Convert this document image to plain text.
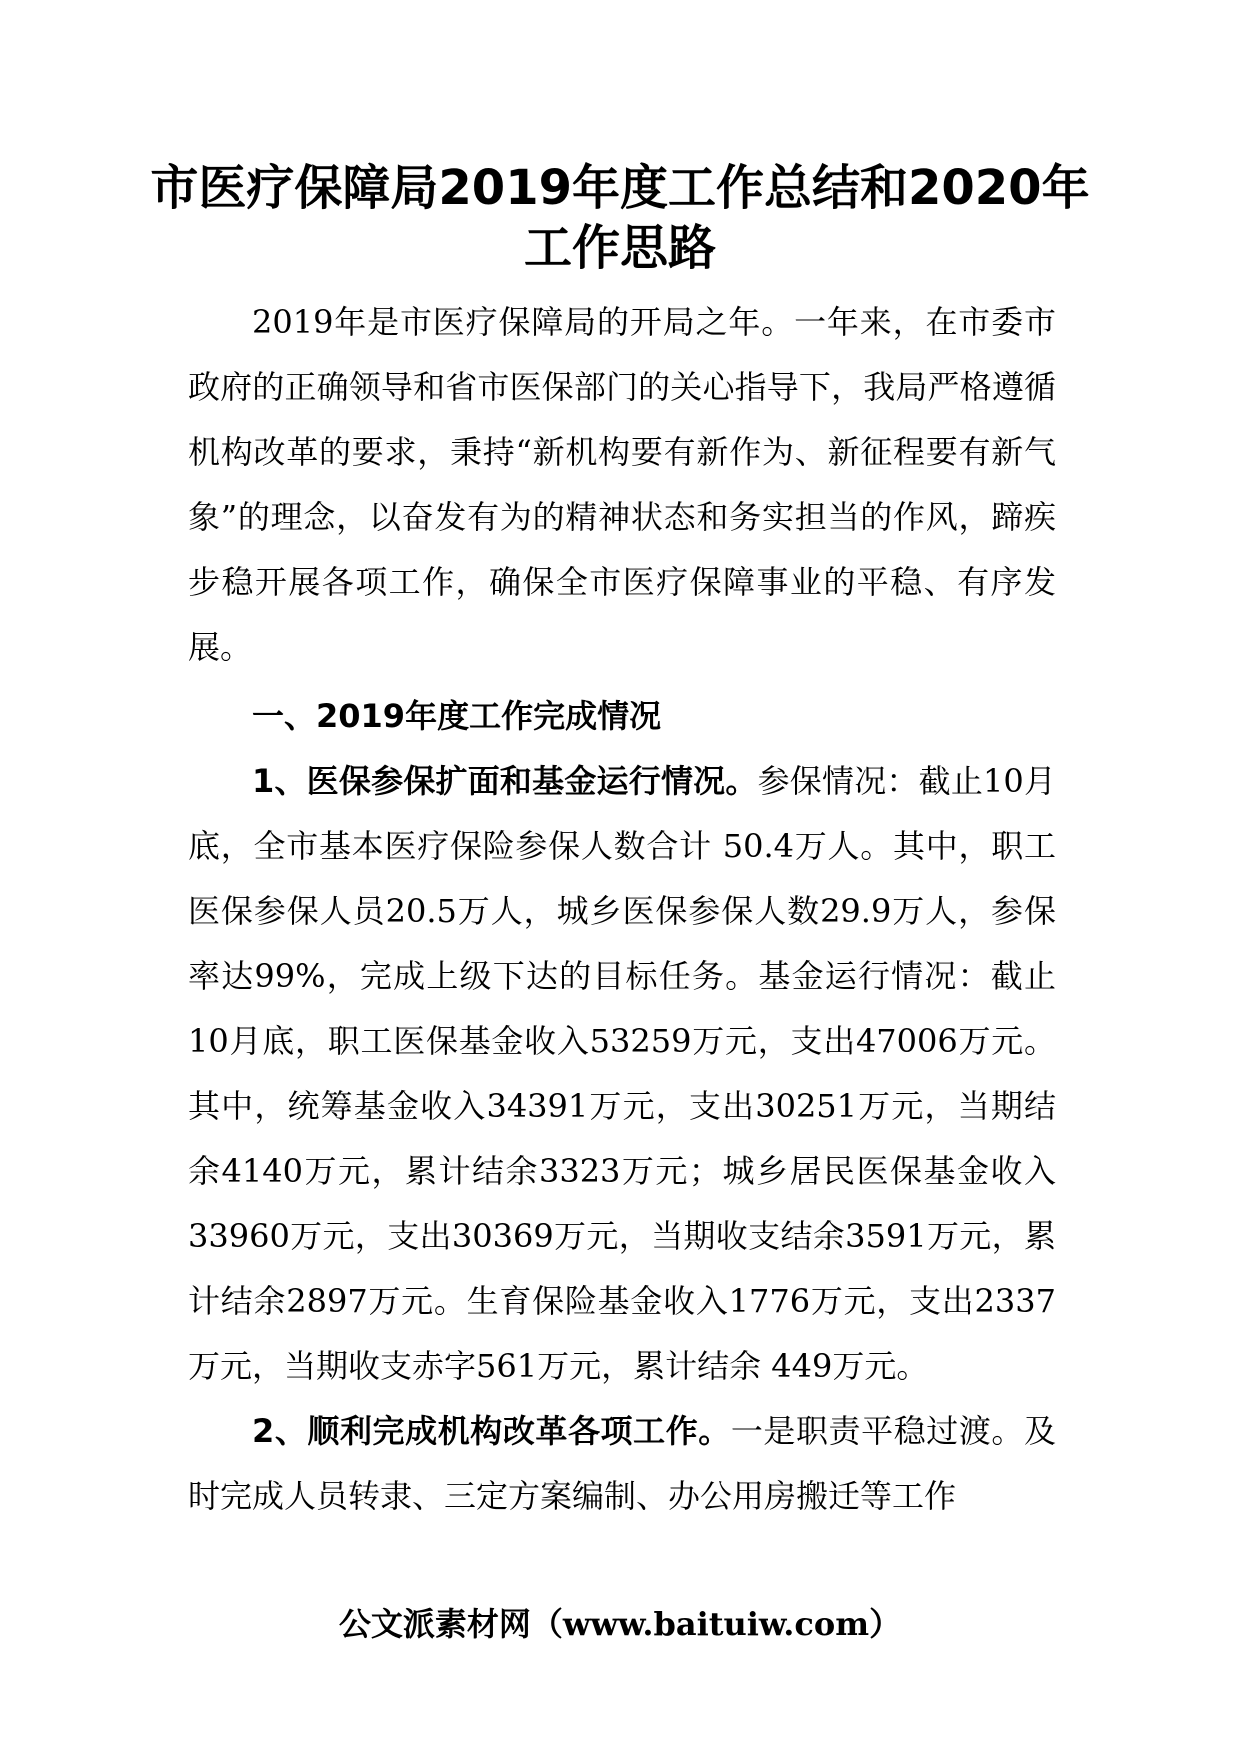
市医疗保障局2019年度工作总结和2020年
工作思路

2019年是市医疗保障局的开局之年。一年来，在市委市政府的正确领导和省市医保部门的关心指导下，我局严格遵循机构改革的要求，秉持“新机构要有新作为、新征程要有新气象”的理念，以奋发有为的精神状态和务实担当的作风，蹄疾步稳开展各项工作，确保全市医疗保障事业的平稳、有序发展。

一、2019年度工作完成情况

1、医保参保扩面和基金运行情况。参保情况：截止10月底，全市基本医疗保险参保人数合计 50.4万人。其中，职工医保参保人员20.5万人，城乡医保参保人数29.9万人，参保率达99%，完成上级下达的目标任务。基金运行情况：截止10月底，职工医保基金收入53259万元，支出47006万元。其中，统筹基金收入34391万元，支出30251万元，当期结余4140万元，累计结余3323万元；城乡居民医保基金收入33960万元，支出30369万元，当期收支结余3591万元，累计结余2897万元。生育保险基金收入1776万元，支出2337万元，当期收支赤字561万元，累计结余 449万元。

2、顺利完成机构改革各项工作。一是职责平稳过渡。及时完成人员转隶、三定方案编制、办公用房搬迁等工作

公文派素材网（www.baituiw.com）
